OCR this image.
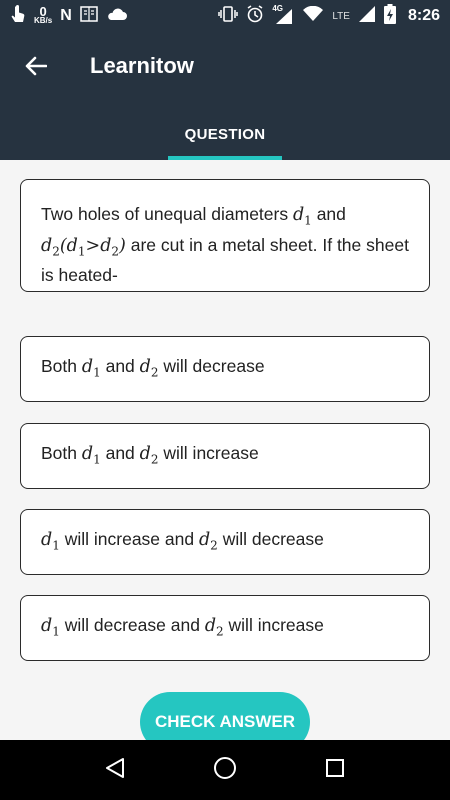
0
KB/s N	4G
LTE	8:26
Learnitow
QUESTION
Two holes of unequal diameters $d_1$ and $d_2(d_1>d_2)$ are cut in a metal sheet. If the sheet is heated-
Both $d_1$ and $d_2$ will decrease
Both $d_1$ and $d_2$ will increase
$d_1$ will increase and $d_2$ will decrease
$d_1$ will decrease and $d_2$ will increase
CHECK ANSWER
